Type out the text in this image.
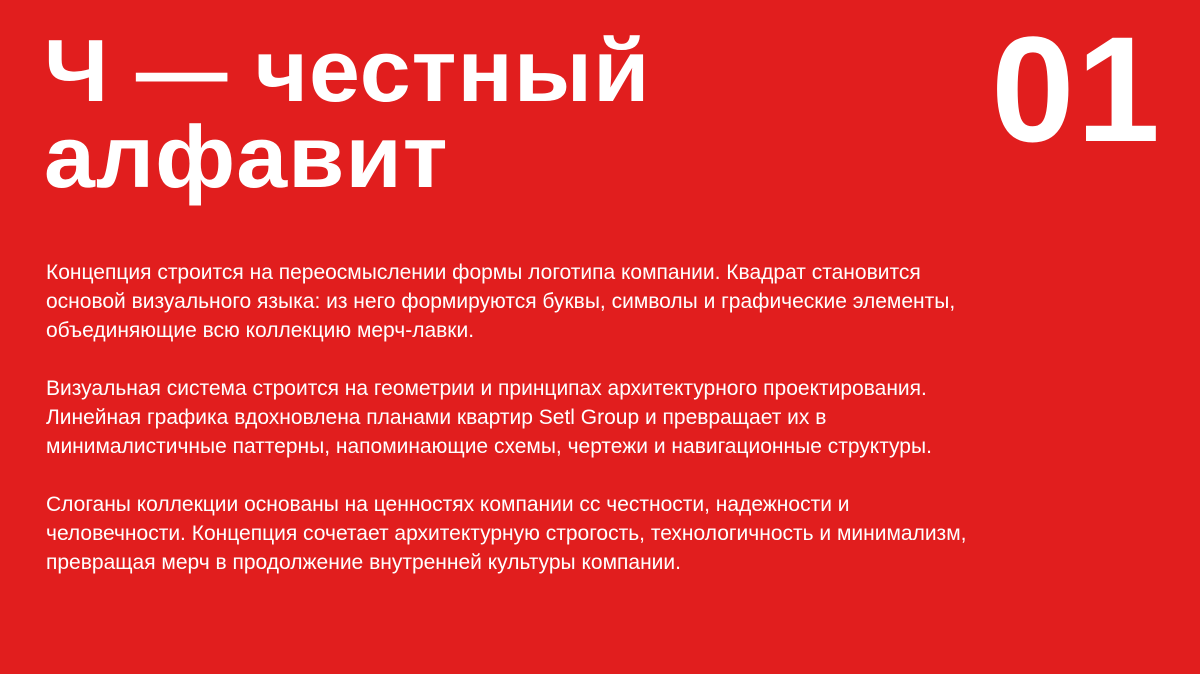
Ч — честный
алфавит	01

Концепция строится на переосмыслении формы логотипа компании. Квадрат становится основой визуального языка: из него формируются буквы, символы и графические элементы, объединяющие всю коллекцию мерч-лавки.

Визуальная система строится на геометрии и принципах архитектурного проектирования. Линейная графика вдохновлена планами квартир Setl Group и превращает их в минималистичные паттерны, напоминающие схемы, чертежи и навигационные структуры.

Слоганы коллекции основаны на ценностях компании сс честности, надежности и человечности. Концепция сочетает архитектурную строгость, технологичность и минимализм, превращая мерч в продолжение внутренней культуры компании.
